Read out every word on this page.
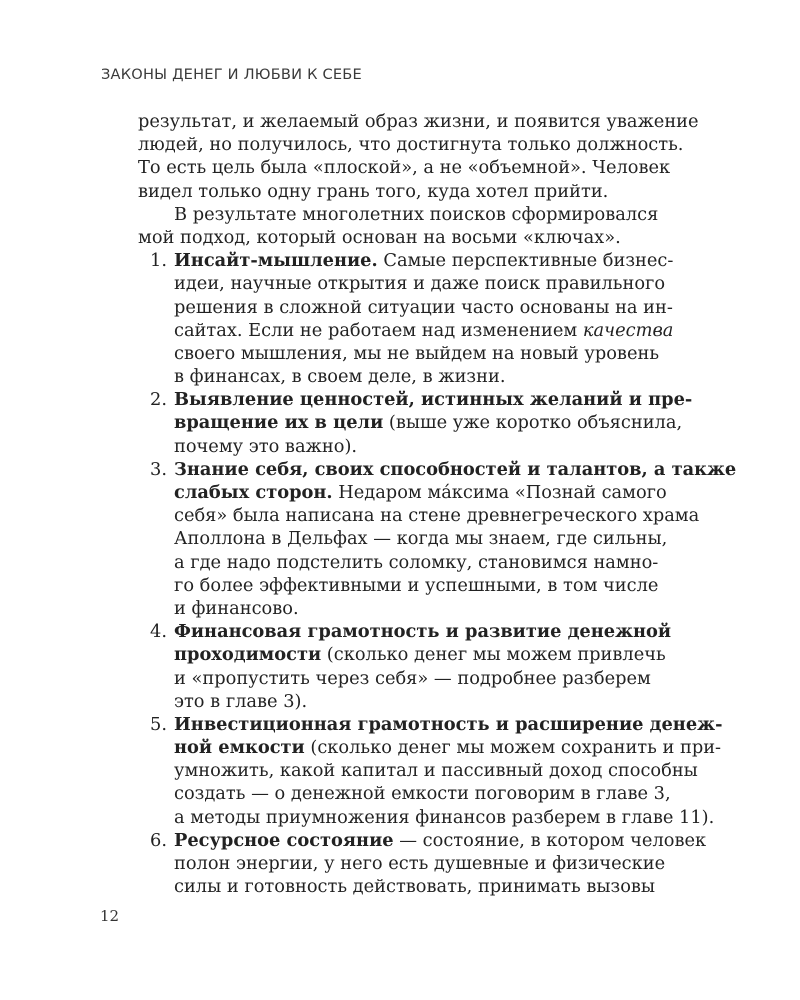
ЗАКОНЫ ДЕНЕГ И ЛЮБВИ К СЕБЕ
результат, и желаемый образ жизни, и появится уважение
людей, но получилось, что достигнута только должность.
То есть цель была «плоской», а не «объемной». Человек
видел только одну грань того, куда хотел прийти.
В результате многолетних поисков сформировался
мой подход, который основан на восьми «ключах».
1. Инсайт-мышление. Самые перспективные бизнес-
идеи, научные открытия и даже поиск правильного
решения в сложной ситуации часто основаны на ин-
сайтах. Если не работаем над изменением качества
своего мышления, мы не выйдем на новый уровень
в финансах, в своем деле, в жизни.
2. Выявление ценностей, истинных желаний и пре-
вращение их в цели (выше уже коротко объяснила,
почему это важно).
3. Знание себя, своих способностей и талантов, а также
слабых сторон. Недаром ма́ксима «Познай самого
себя» была написана на стене древнегреческого храма
Аполлона в Дельфах — когда мы знаем, где сильны,
а где надо подстелить соломку, становимся намно-
го более эффективными и успешными, в том числе
и финансово.
4. Финансовая грамотность и развитие денежной
проходимости (сколько денег мы можем привлечь
и «пропустить через себя» — подробнее разберем
это в главе 3).
5. Инвестиционная грамотность и расширение денеж-
ной емкости (сколько денег мы можем сохранить и при-
умножить, какой капитал и пассивный доход способны
создать — о денежной емкости поговорим в главе 3,
а методы приумножения финансов разберем в главе 11).
6. Ресурсное состояние — состояние, в котором человек
полон энергии, у него есть душевные и физические
силы и готовность действовать, принимать вызовы
12
